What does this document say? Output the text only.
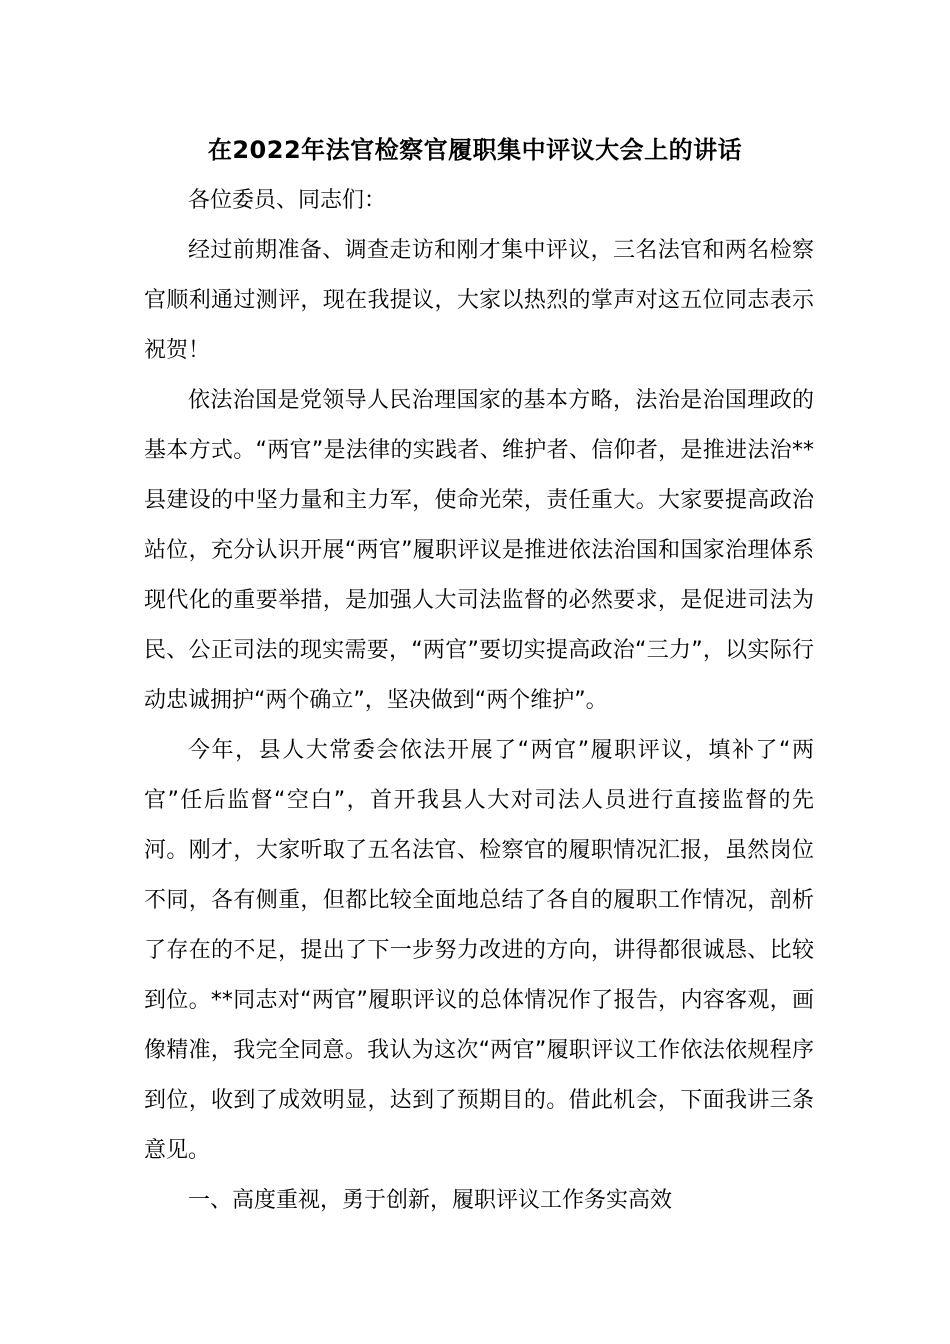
在2022年法官检察官履职集中评议大会上的讲话

各位委员、同志们：

经过前期准备、调查走访和刚才集中评议，三名法官和两名检察官顺利通过测评，现在我提议，大家以热烈的掌声对这五位同志表示祝贺！

依法治国是党领导人民治理国家的基本方略，法治是治国理政的基本方式。“两官”是法律的实践者、维护者、信仰者，是推进法治**县建设的中坚力量和主力军，使命光荣，责任重大。大家要提高政治站位，充分认识开展“两官”履职评议是推进依法治国和国家治理体系现代化的重要举措，是加强人大司法监督的必然要求，是促进司法为民、公正司法的现实需要，“两官”要切实提高政治“三力”，以实际行动忠诚拥护“两个确立”，坚决做到“两个维护”。

今年，县人大常委会依法开展了“两官”履职评议，填补了“两官”任后监督“空白”，首开我县人大对司法人员进行直接监督的先河。刚才，大家听取了五名法官、检察官的履职情况汇报，虽然岗位不同，各有侧重，但都比较全面地总结了各自的履职工作情况，剖析了存在的不足，提出了下一步努力改进的方向，讲得都很诚恳、比较到位。**同志对“两官”履职评议的总体情况作了报告，内容客观，画像精准，我完全同意。我认为这次“两官”履职评议工作依法依规程序到位，收到了成效明显，达到了预期目的。借此机会，下面我讲三条意见。

一、高度重视，勇于创新，履职评议工作务实高效
